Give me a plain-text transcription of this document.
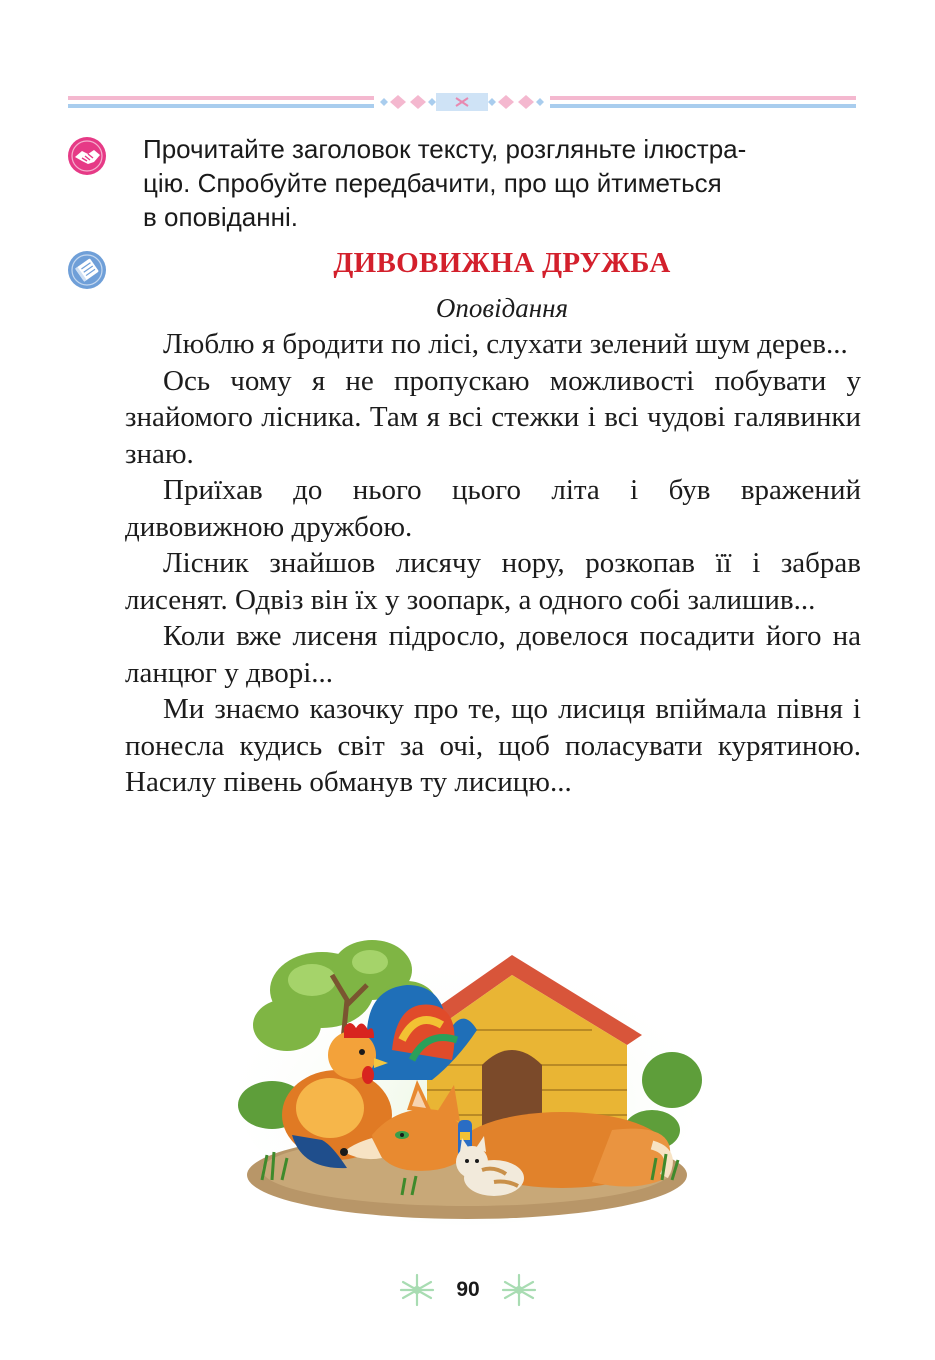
Прочитайте заголовок тексту, розгляньте ілюстра-
цію. Спробуйте передбачити, про що йтиметься
в оповіданні.
ДИВОВИЖНА ДРУЖБА
Оповідання

Люблю я бродити по лісі, слухати зелений шум дерев...

Ось чому я не пропускаю можливості побувати у знайомого лісника. Там я всі стежки і всі чудові галявинки знаю.

Приїхав до нього цього літа і був вражений дивовижною дружбою.

Лісник знайшов лисячу нору, розкопав її і забрав лисенят. Одвіз він їх у зоопарк, а одного собі залишив...

Коли вже лисеня підросло, довелося посадити його на ланцюг у дворі...

Ми знаємо казочку про те, що лисиця впіймала півня і понесла кудись світ за очі, щоб поласувати курятиною. Насилу півень обманув ту лисицю...

90
